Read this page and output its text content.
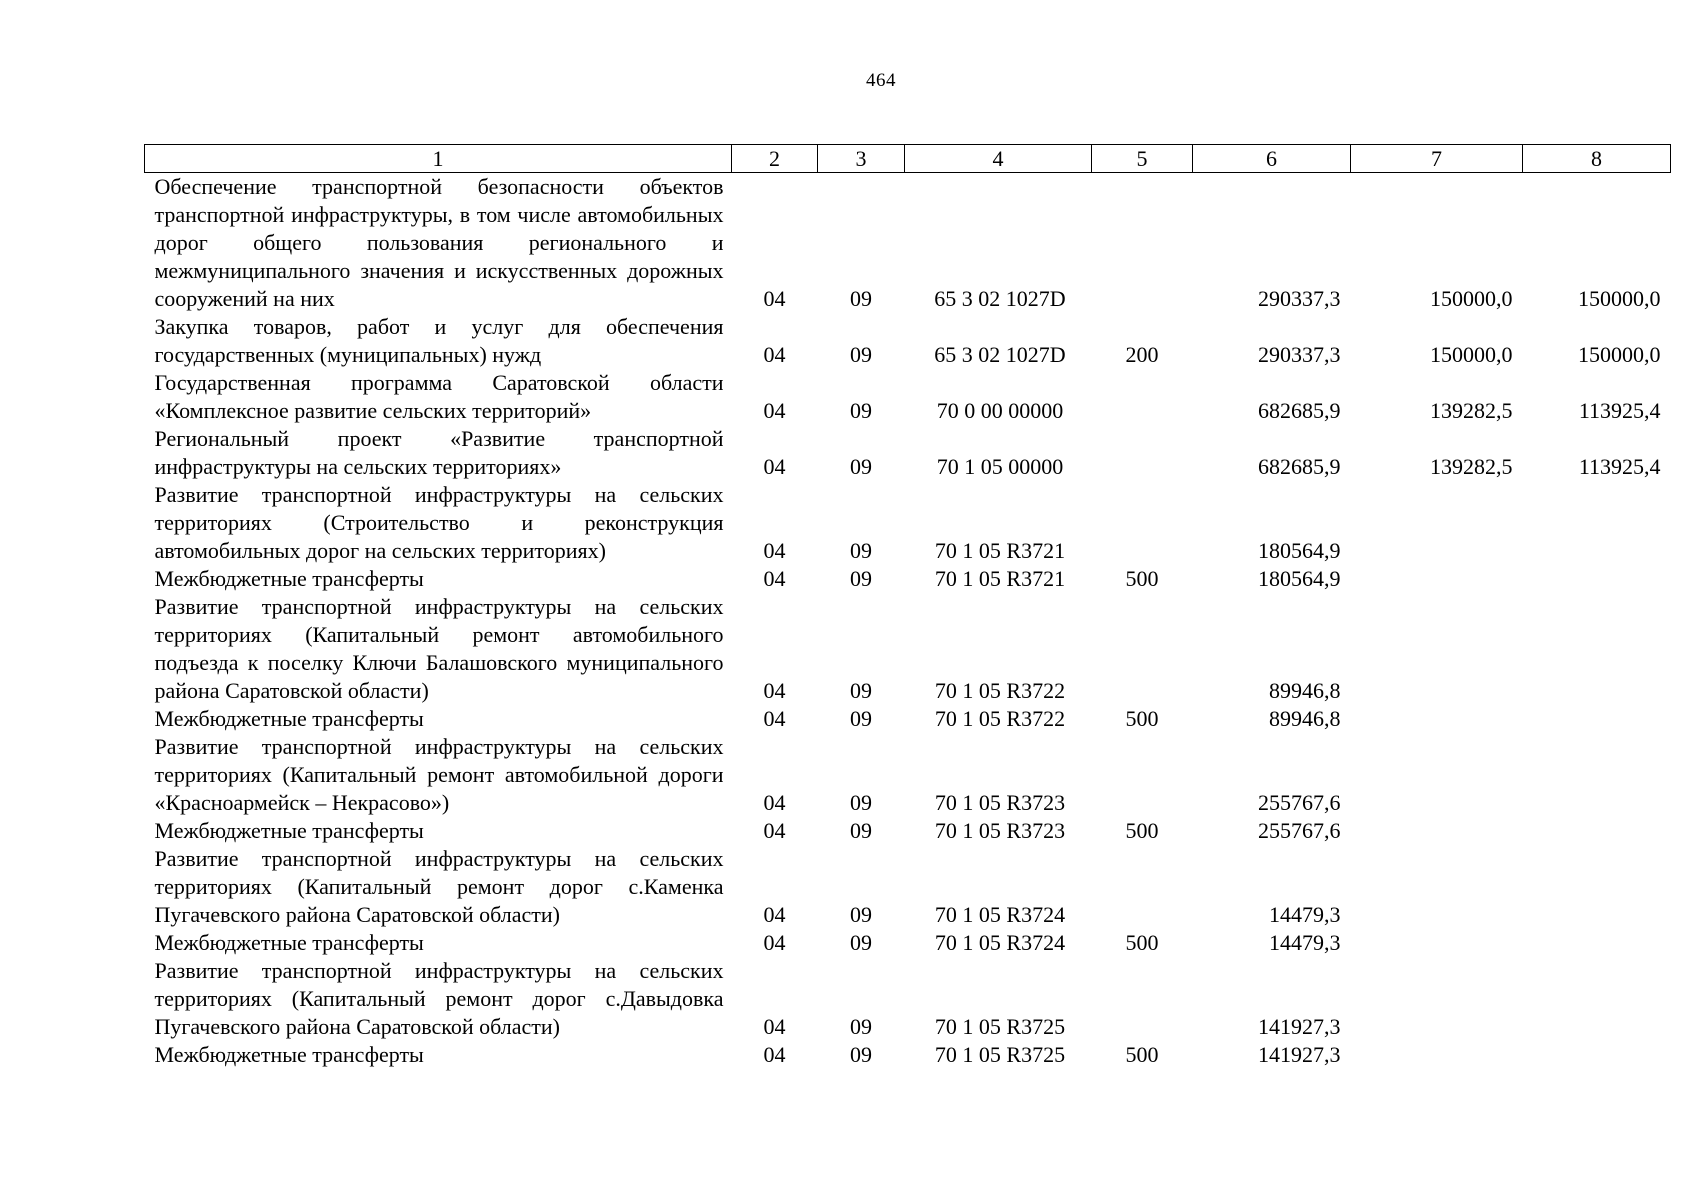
464
1	2	3	4	5	6	7	8
Обеспечение транспортной безопасности объектов транспортной инфраструктуры, в том числе автомобильных дорог общего пользования регионального и межмуниципального значения и искусственных дорожных сооружений на них	04	09	65 3 02 1027D		290337,3	150000,0	150000,0
Закупка товаров, работ и услуг для обеспечения государственных (муниципальных) нужд	04	09	65 3 02 1027D	200	290337,3	150000,0	150000,0
Государственная программа Саратовской области «Комплексное развитие сельских территорий»	04	09	70 0 00 00000		682685,9	139282,5	113925,4
Региональный проект «Развитие транспортной инфраструктуры на сельских территориях»	04	09	70 1 05 00000		682685,9	139282,5	113925,4
Развитие транспортной инфраструктуры на сельских территориях (Строительство и реконструкция автомобильных дорог на сельских территориях)	04	09	70 1 05 R3721		180564,9		
Межбюджетные трансферты	04	09	70 1 05 R3721	500	180564,9		
Развитие транспортной инфраструктуры на сельских территориях (Капитальный ремонт автомобильного подъезда к поселку Ключи Балашовского муниципального района Саратовской области)	04	09	70 1 05 R3722		89946,8		
Межбюджетные трансферты	04	09	70 1 05 R3722	500	89946,8		
Развитие транспортной инфраструктуры на сельских территориях (Капитальный ремонт автомобильной дороги «Красноармейск – Некрасово»)	04	09	70 1 05 R3723		255767,6		
Межбюджетные трансферты	04	09	70 1 05 R3723	500	255767,6		
Развитие транспортной инфраструктуры на сельских территориях (Капитальный ремонт дорог с.Каменка Пугачевского района Саратовской области)	04	09	70 1 05 R3724		14479,3		
Межбюджетные трансферты	04	09	70 1 05 R3724	500	14479,3		
Развитие транспортной инфраструктуры на сельских территориях (Капитальный ремонт дорог с.Давыдовка Пугачевского района Саратовской области)	04	09	70 1 05 R3725		141927,3		
Межбюджетные трансферты	04	09	70 1 05 R3725	500	141927,3		
